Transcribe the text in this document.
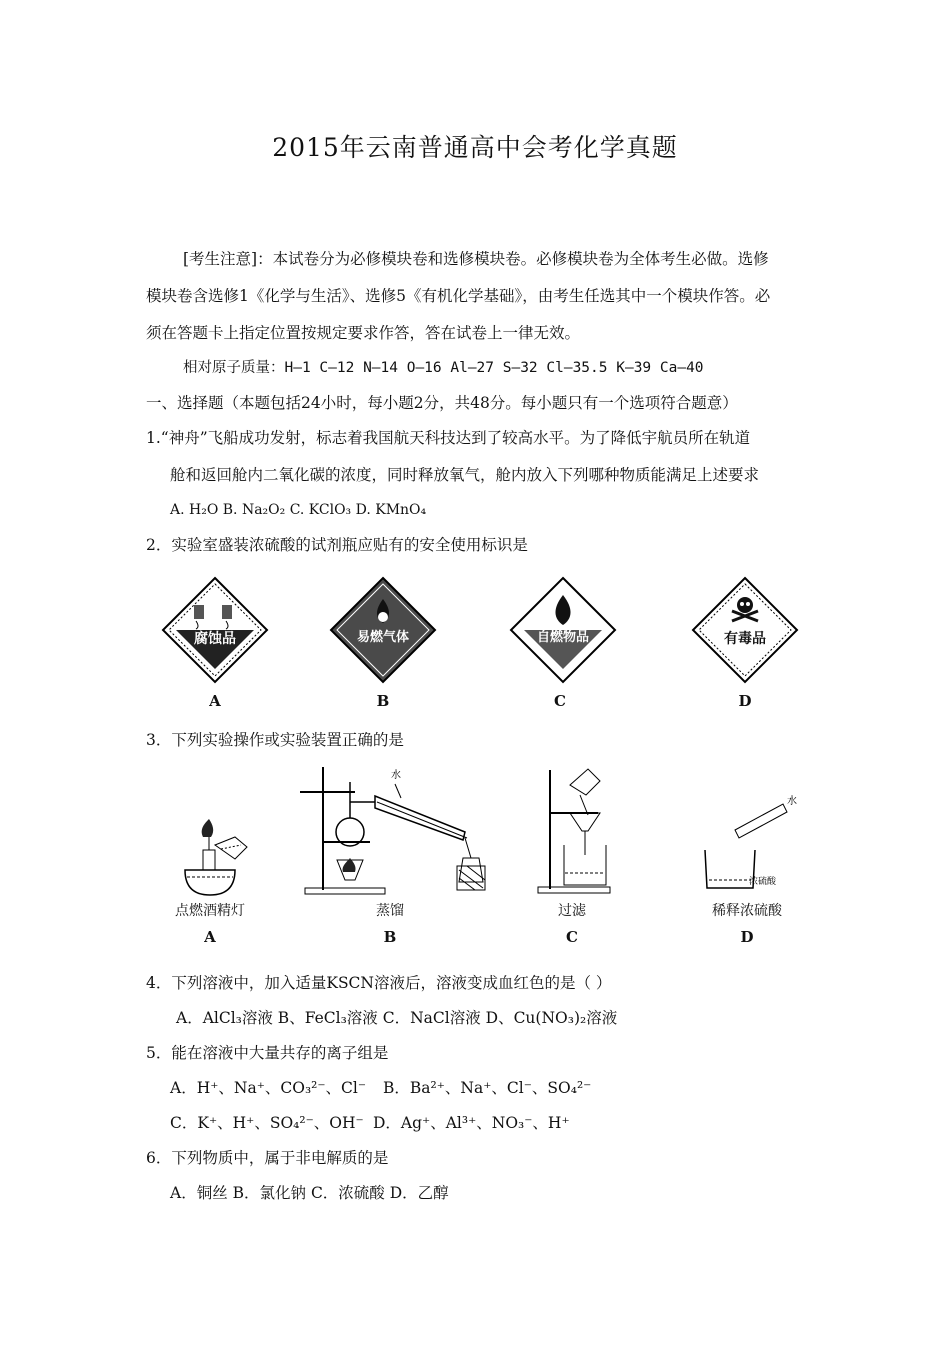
2015年云南普通高中会考化学真题
[考生注意]：本试卷分为必修模块卷和选修模块卷。必修模块卷为全体考生必做。选修
模块卷含选修1《化学与生活》、选修5《有机化学基础》，由考生任选其中一个模块作答。必
须在答题卡上指定位置按规定要求作答，答在试卷上一律无效。
相对原子质量：H—1 C—12 N—14 O—16 Al—27 S—32 Cl—35.5 K—39 Ca—40
一、选择题（本题包括24小时，每小题2分，共48分。每小题只有一个选项符合题意）
1.“神舟”飞船成功发射，标志着我国航天科技达到了较高水平。为了降低宇航员所在轨道
舱和返回舱内二氧化碳的浓度，同时释放氧气，舱内放入下列哪种物质能满足上述要求
A. H₂O B. Na₂O₂ C. KClO₃ D. KMnO₄
2．实验室盛装浓硫酸的试剂瓶应贴有的安全使用标识是
腐蚀品	易燃气体	自燃物品	有毒品
A	B	C	D
3．下列实验操作或实验装置正确的是
水
水
浓硫酸
点燃酒精灯	蒸馏	过滤	稀释浓硫酸
A	B	C	D
4．下列溶液中，加入适量KSCN溶液后，溶液变成血红色的是（ ）
A．AlCl₃溶液 B、FeCl₃溶液 C．NaCl溶液 D、Cu(NO₃)₂溶液
5．能在溶液中大量共存的离子组是
A．H⁺、Na⁺、CO₃²⁻、Cl⁻ B．Ba²⁺、Na⁺、Cl⁻、SO₄²⁻
C．K⁺、H⁺、SO₄²⁻、OH⁻ D．Ag⁺、Al³⁺、NO₃⁻、H⁺
6．下列物质中，属于非电解质的是
A．铜丝 B．氯化钠 C．浓硫酸 D．乙醇
